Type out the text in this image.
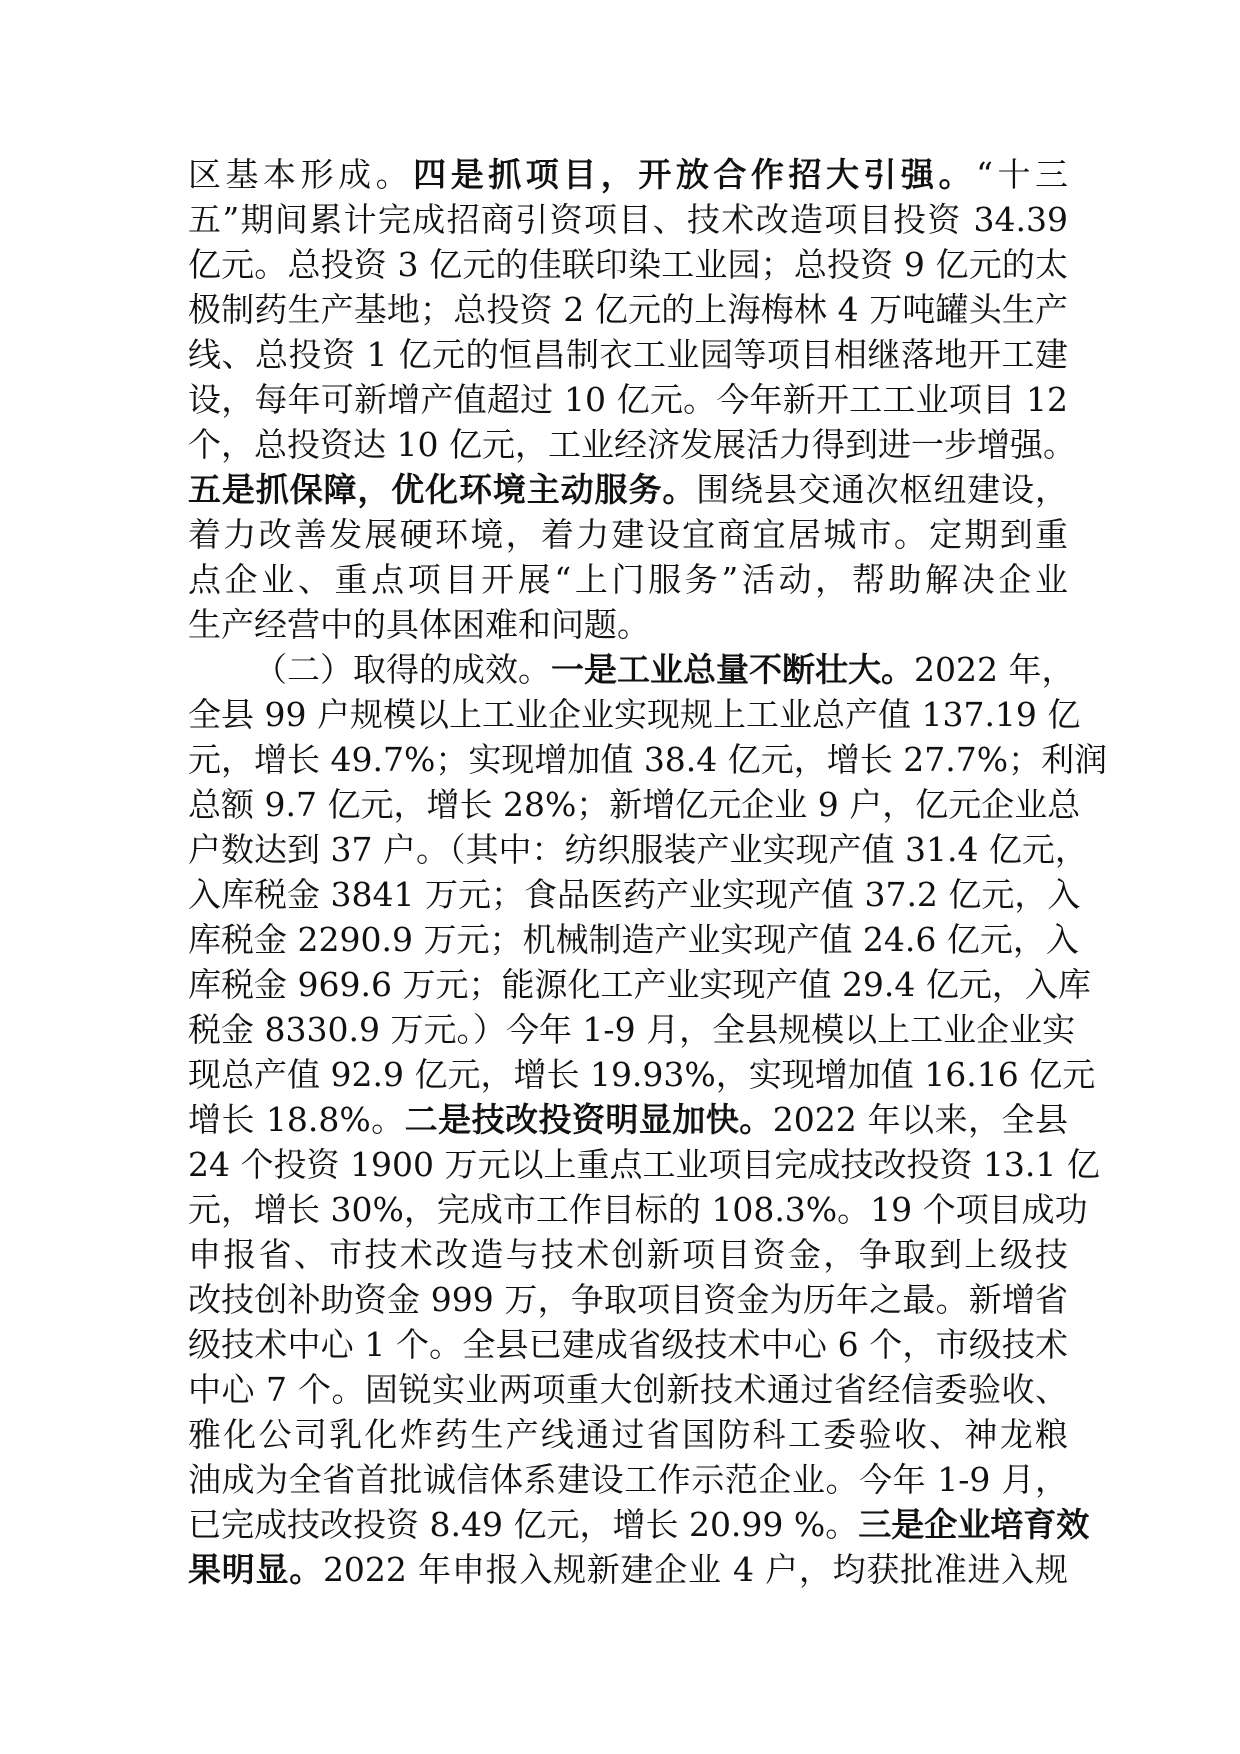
区基本形成。四是抓项目，开放合作招大引强。“十三
五”期间累计完成招商引资项目、技术改造项目投资 34.39
亿元。总投资 3 亿元的佳联印染工业园；总投资 9 亿元的太
极制药生产基地；总投资 2 亿元的上海梅林 4 万吨罐头生产
线、总投资 1 亿元的恒昌制衣工业园等项目相继落地开工建
设，每年可新增产值超过 10 亿元。今年新开工工业项目 12
个，总投资达 10 亿元，工业经济发展活力得到进一步增强。
五是抓保障，优化环境主动服务。围绕县交通次枢纽建设，
着力改善发展硬环境，着力建设宜商宜居城市。定期到重
点企业、重点项目开展“上门服务”活动，帮助解决企业
生产经营中的具体困难和问题。
（二）取得的成效。一是工业总量不断壮大。2022 年，
全县 99 户规模以上工业企业实现规上工业总产值 137.19 亿
元，增长 49.7%；实现增加值 38.4 亿元，增长 27.7%；利润
总额 9.7 亿元，增长 28%；新增亿元企业 9 户，亿元企业总
户数达到 37 户。（其中：纺织服装产业实现产值 31.4 亿元，
入库税金 3841 万元；食品医药产业实现产值 37.2 亿元，入
库税金 2290.9 万元；机械制造产业实现产值 24.6 亿元，入
库税金 969.6 万元；能源化工产业实现产值 29.4 亿元，入库
税金 8330.9 万元。）今年 1-9 月，全县规模以上工业企业实
现总产值 92.9 亿元，增长 19.93%，实现增加值 16.16 亿元
增长 18.8%。二是技改投资明显加快。2022 年以来，全县
24 个投资 1900 万元以上重点工业项目完成技改投资 13.1 亿
元，增长 30%，完成市工作目标的 108.3%。19 个项目成功
申报省、市技术改造与技术创新项目资金，争取到上级技
改技创补助资金 999 万，争取项目资金为历年之最。新增省
级技术中心 1 个。全县已建成省级技术中心 6 个，市级技术
中心 7 个。固锐实业两项重大创新技术通过省经信委验收、
雅化公司乳化炸药生产线通过省国防科工委验收、神龙粮
油成为全省首批诚信体系建设工作示范企业。今年 1-9 月，
已完成技改投资 8.49 亿元，增长 20.99 %。三是企业培育效
果明显。2022 年申报入规新建企业 4 户，均获批准进入规
